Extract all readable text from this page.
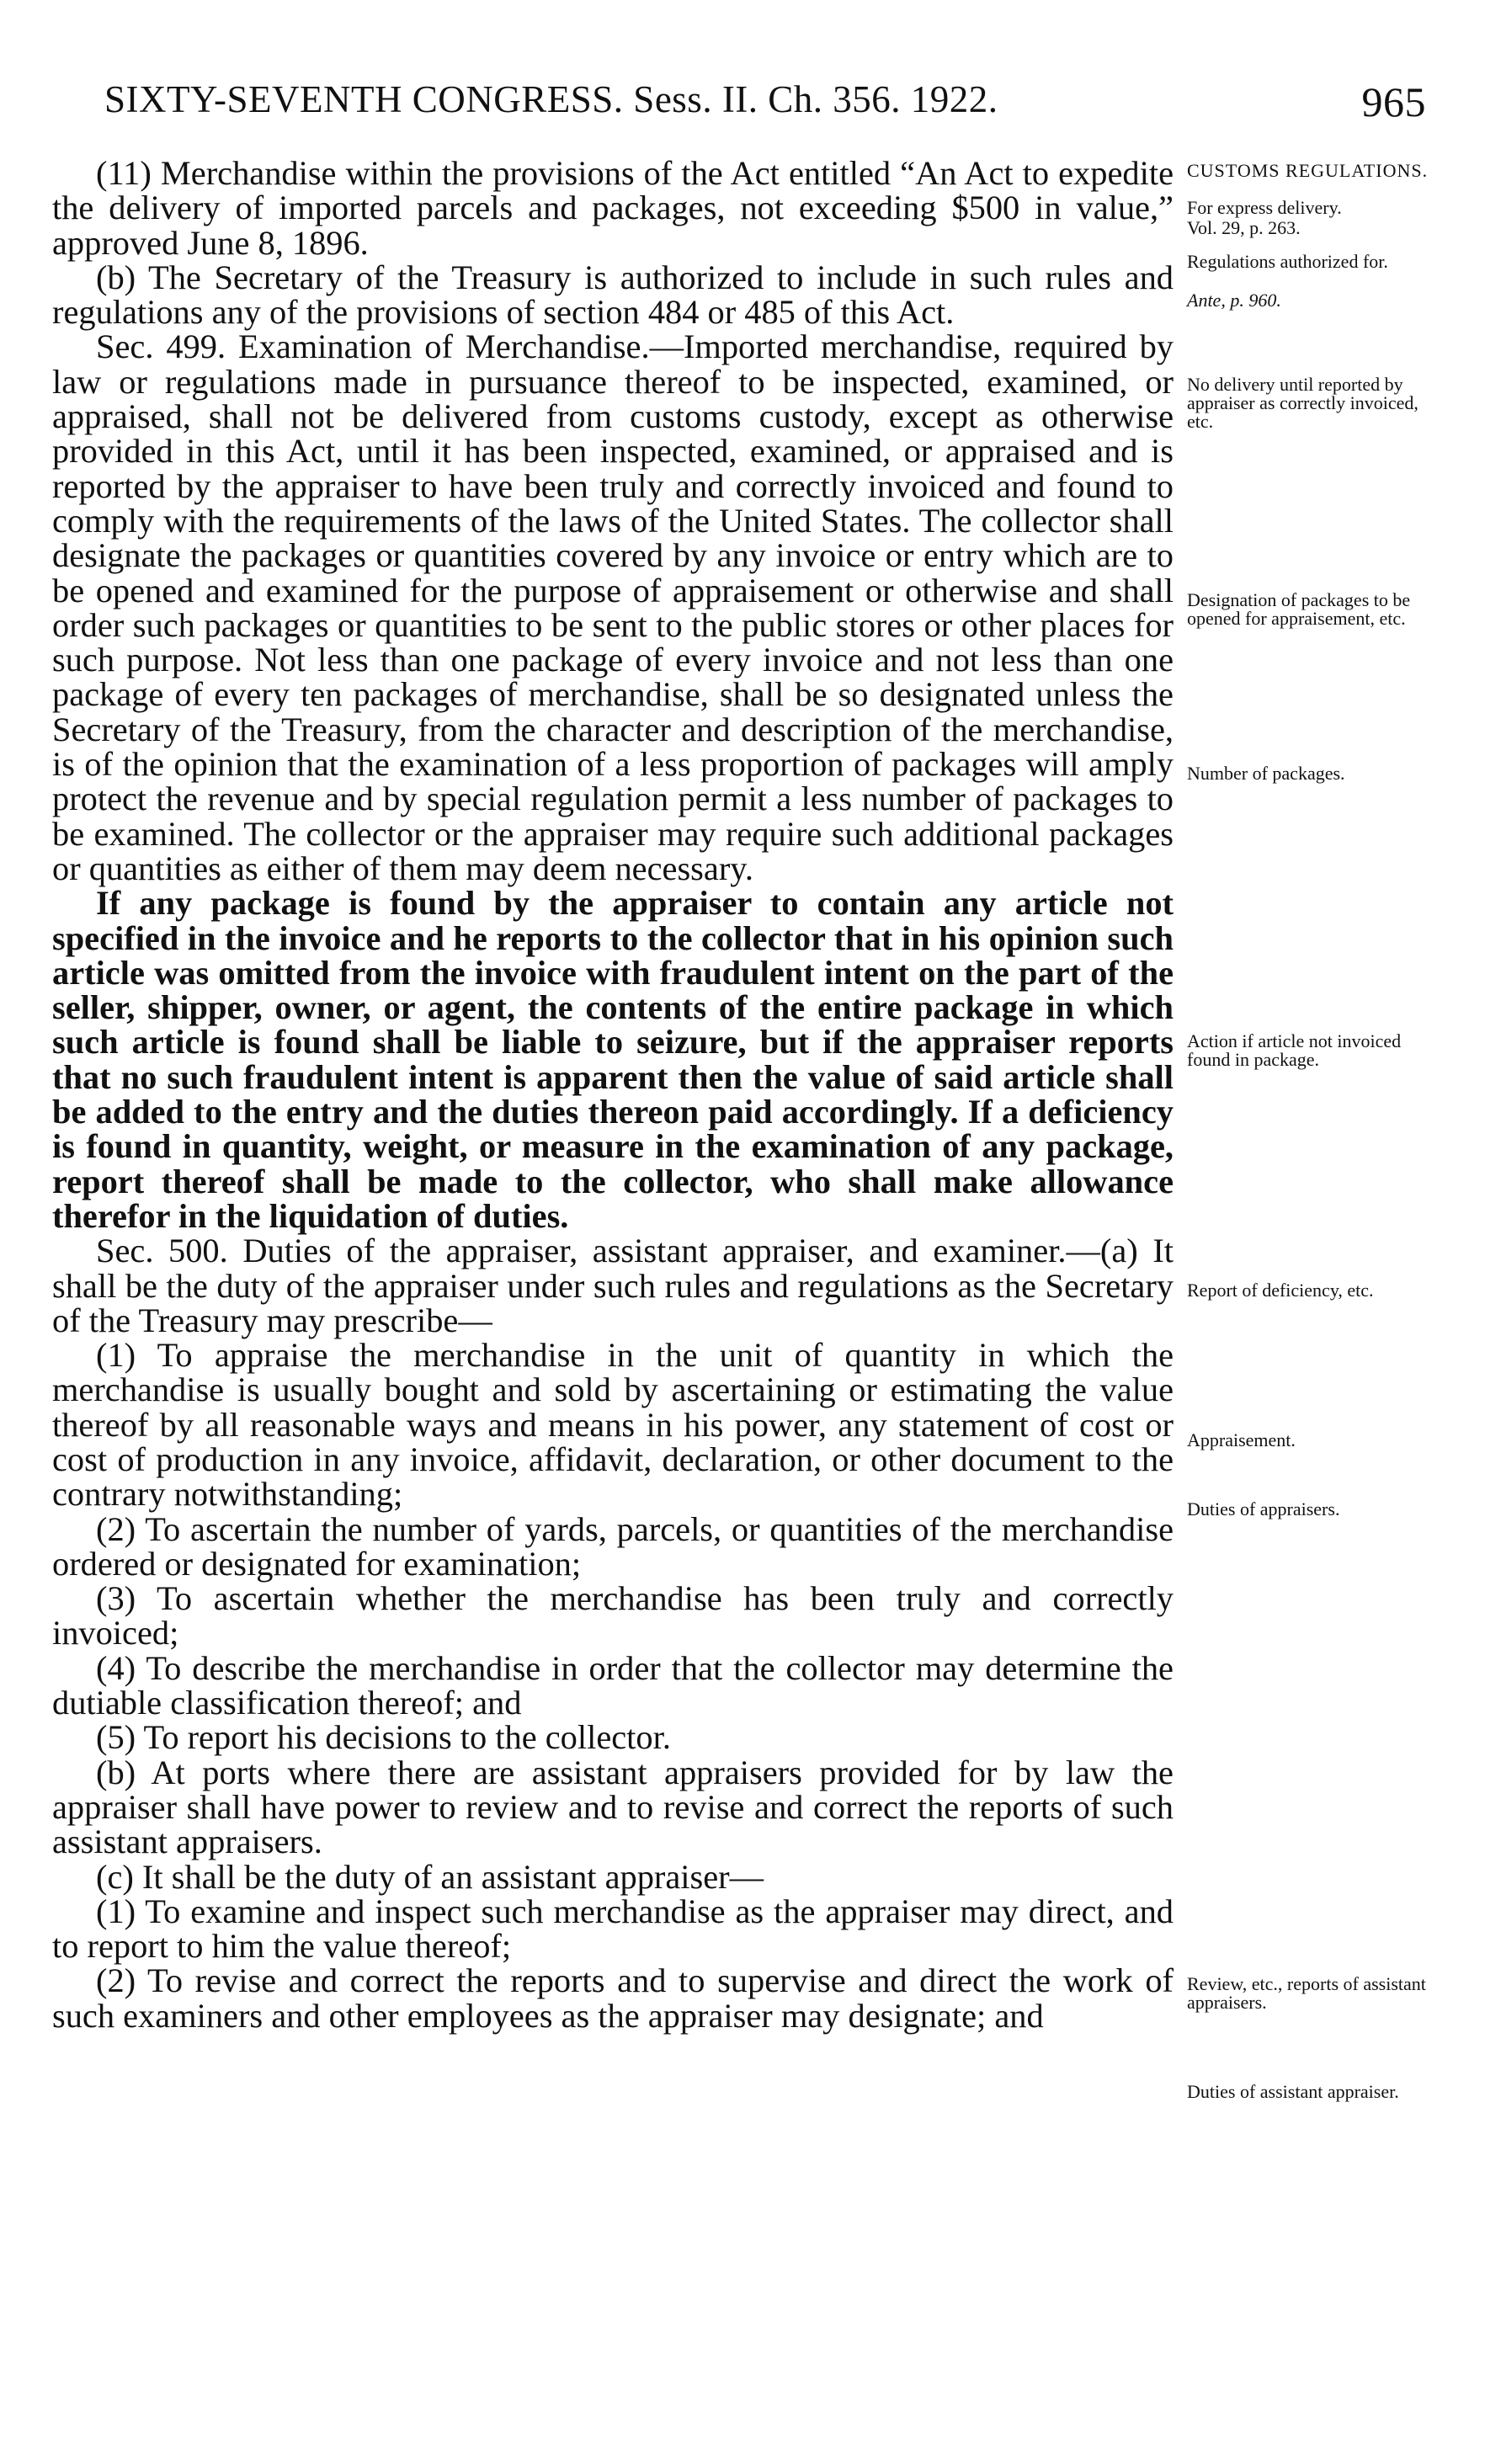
SIXTY-SEVENTH CONGRESS. Sess. II. Ch. 356. 1922.	965

(11) Merchandise within the provisions of the Act entitled “An Act to expedite the delivery of imported parcels and packages, not exceeding $500 in value,” approved June 8, 1896.

(b) The Secretary of the Treasury is authorized to include in such rules and regulations any of the provisions of section 484 or 485 of this Act.

Sec. 499. Examination of Merchandise.—Imported merchandise, required by law or regulations made in pursuance thereof to be inspected, examined, or appraised, shall not be delivered from customs custody, except as otherwise provided in this Act, until it has been inspected, examined, or appraised and is reported by the appraiser to have been truly and correctly invoiced and found to comply with the requirements of the laws of the United States. The collector shall designate the packages or quantities covered by any invoice or entry which are to be opened and examined for the purpose of appraisement or otherwise and shall order such packages or quantities to be sent to the public stores or other places for such purpose. Not less than one package of every invoice and not less than one package of every ten packages of merchandise, shall be so designated unless the Secretary of the Treasury, from the character and description of the merchandise, is of the opinion that the examination of a less proportion of packages will amply protect the revenue and by special regulation permit a less number of packages to be examined. The collector or the appraiser may require such additional packages or quantities as either of them may deem necessary.

If any package is found by the appraiser to contain any article not specified in the invoice and he reports to the collector that in his opinion such article was omitted from the invoice with fraudulent intent on the part of the seller, shipper, owner, or agent, the contents of the entire package in which such article is found shall be liable to seizure, but if the appraiser reports that no such fraudulent intent is apparent then the value of said article shall be added to the entry and the duties thereon paid accordingly. If a deficiency is found in quantity, weight, or measure in the examination of any package, report thereof shall be made to the collector, who shall make allowance therefor in the liquidation of duties.

Sec. 500. Duties of the appraiser, assistant appraiser, and examiner.—(a) It shall be the duty of the appraiser under such rules and regulations as the Secretary of the Treasury may prescribe—

(1) To appraise the merchandise in the unit of quantity in which the merchandise is usually bought and sold by ascertaining or estimating the value thereof by all reasonable ways and means in his power, any statement of cost or cost of production in any invoice, affidavit, declaration, or other document to the contrary notwithstanding;

(2) To ascertain the number of yards, parcels, or quantities of the merchandise ordered or designated for examination;

(3) To ascertain whether the merchandise has been truly and correctly invoiced;

(4) To describe the merchandise in order that the collector may determine the dutiable classification thereof; and

(5) To report his decisions to the collector.

(b) At ports where there are assistant appraisers provided for by law the appraiser shall have power to review and to revise and correct the reports of such assistant appraisers.

(c) It shall be the duty of an assistant appraiser—

(1) To examine and inspect such merchandise as the appraiser may direct, and to report to him the value thereof;

(2) To revise and correct the reports and to supervise and direct the work of such examiners and other employees as the appraiser may designate; and

CUSTOMS REGULATIONS.
For express delivery.
Vol. 29, p. 263.
Regulations authorized for.
Ante, p. 960.
No delivery until reported by appraiser as correctly invoiced, etc.
Designation of packages to be opened for appraisement, etc.
Number of packages.
Action if article not invoiced found in package.
Report of deficiency, etc.
Appraisement.
Duties of appraisers.
Review, etc., reports of assistant appraisers.
Duties of assistant appraiser.
